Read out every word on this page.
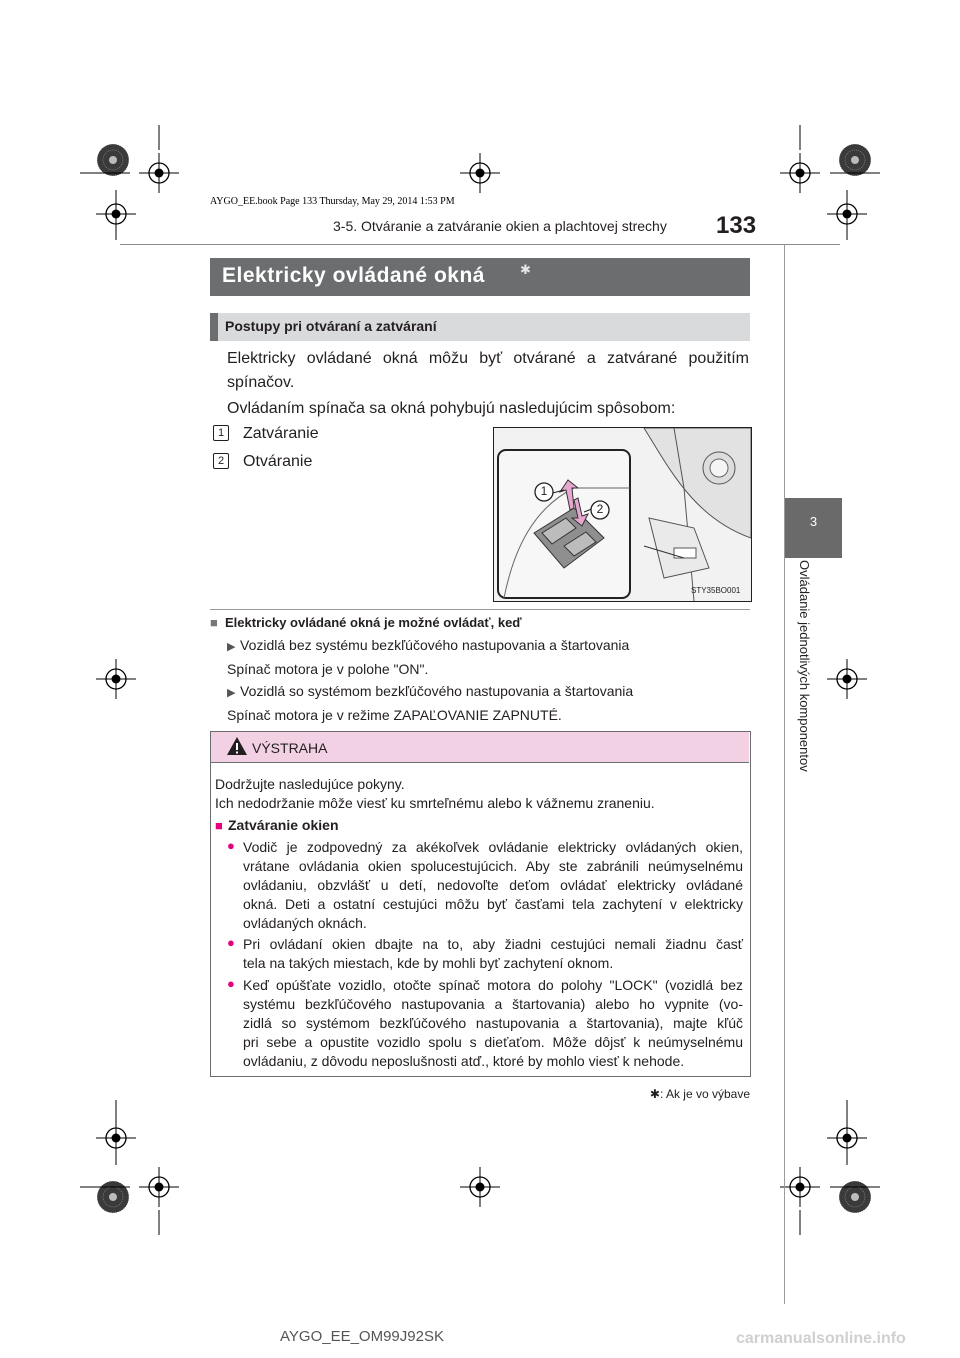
AYGO_EE.book Page 133 Thursday, May 29, 2014 1:53 PM
3-5. Otváranie a zatváranie okien a plachtovej strechy 133
3
Ovládanie jednotlivých komponentov
Elektricky ovládané okná	✱
Postupy pri otváraní a zatváraní
Elektricky ovládané okná môžu byť otvárané a zatvárané použitím
spínačov.
Ovládaním spínača sa okná pohybujú nasledujúcim spôsobom:
1	Zatváranie
2	Otváranie
1
2
STY35BO001
■ Elektricky ovládané okná je možné ovládať, keď
▶ Vozidlá bez systému bezkľúčového nastupovania a štartovania
Spínač motora je v polohe "ON".
▶ Vozidlá so systémom bezkľúčového nastupovania a štartovania
Spínač motora je v režime ZAPAĽOVANIE ZAPNUTÉ.
VÝSTRAHA
Dodržujte nasledujúce pokyny.
Ich nedodržanie môže viesť ku smrteľnému alebo k vážnemu zraneniu.
■ Zatváranie okien
● Vodič je zodpovedný za akékoľvek ovládanie elektricky ovládaných okien,
vrátane ovládania okien spolucestujúcich. Aby ste zabránili neúmyselnému
ovládaniu, obzvlášť u detí, nedovoľte deťom ovládať elektricky ovládané
okná. Deti a ostatní cestujúci môžu byť časťami tela zachytení v elektricky
ovládaných oknách.
● Pri ovládaní okien dbajte na to, aby žiadni cestujúci nemali žiadnu časť
tela na takých miestach, kde by mohli byť zachytení oknom.
● Keď opúšťate vozidlo, otočte spínač motora do polohy "LOCK" (vozidlá bez
systému bezkľúčového nastupovania a štartovania) alebo ho vypnite (vo-
zidlá so systémom bezkľúčového nastupovania a štartovania), majte kľúč
pri sebe a opustite vozidlo spolu s dieťaťom. Môže dôjsť k neúmyselnému
ovládaniu, z dôvodu neposlušnosti atď., ktoré by mohlo viesť k nehode.
✱: Ak je vo výbave
AYGO_EE_OM99J92SK	carmanualsonline.info
